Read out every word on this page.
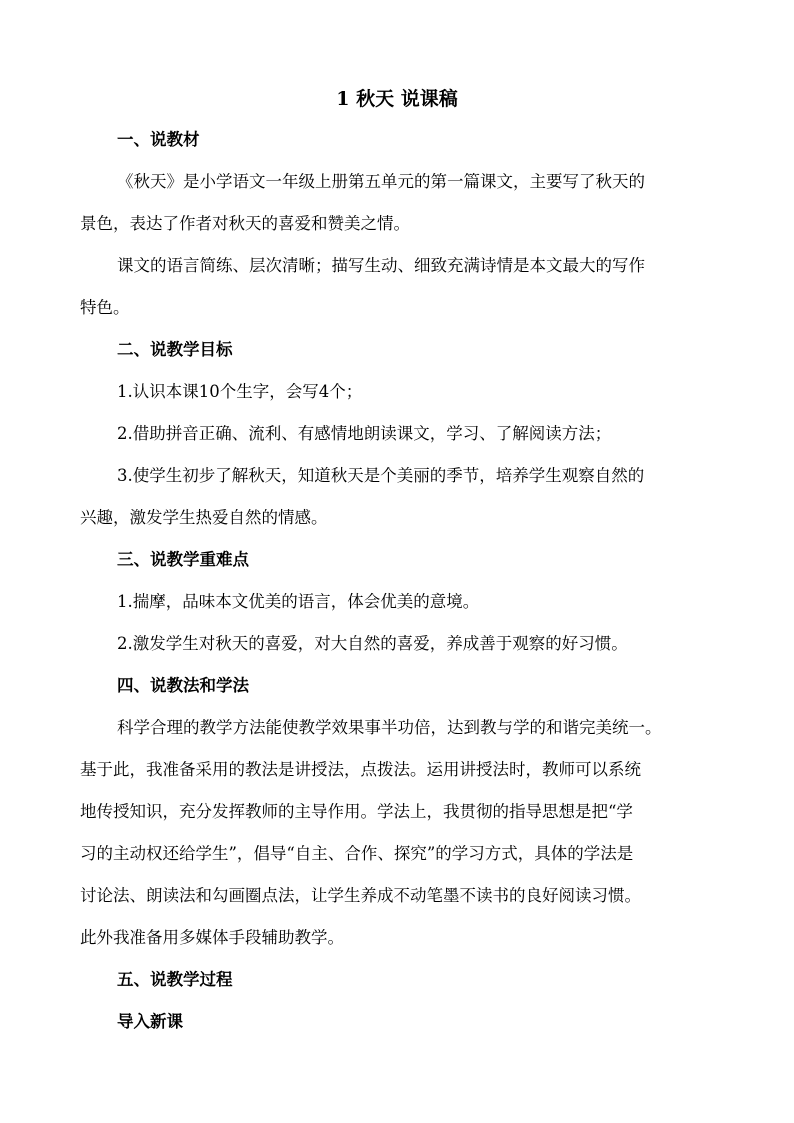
1 秋天 说课稿
一、说教材
《秋天》是小学语文一年级上册第五单元的第一篇课文，主要写了秋天的
景色，表达了作者对秋天的喜爱和赞美之情。
课文的语言简练、层次清晰；描写生动、细致充满诗情是本文最大的写作
特色。
二、说教学目标
1.认识本课10个生字，会写4个；
2.借助拼音正确、流利、有感情地朗读课文，学习、了解阅读方法；
3.使学生初步了解秋天，知道秋天是个美丽的季节，培养学生观察自然的
兴趣，激发学生热爱自然的情感。
三、说教学重难点
1.揣摩，品味本文优美的语言，体会优美的意境。
2.激发学生对秋天的喜爱，对大自然的喜爱，养成善于观察的好习惯。
四、说教法和学法
科学合理的教学方法能使教学效果事半功倍，达到教与学的和谐完美统一。
基于此，我准备采用的教法是讲授法，点拨法。运用讲授法时，教师可以系统
地传授知识，充分发挥教师的主导作用。学法上，我贯彻的指导思想是把“学
习的主动权还给学生”，倡导“自主、合作、探究”的学习方式，具体的学法是
讨论法、朗读法和勾画圈点法，让学生养成不动笔墨不读书的良好阅读习惯。
此外我准备用多媒体手段辅助教学。
五、说教学过程
导入新课
